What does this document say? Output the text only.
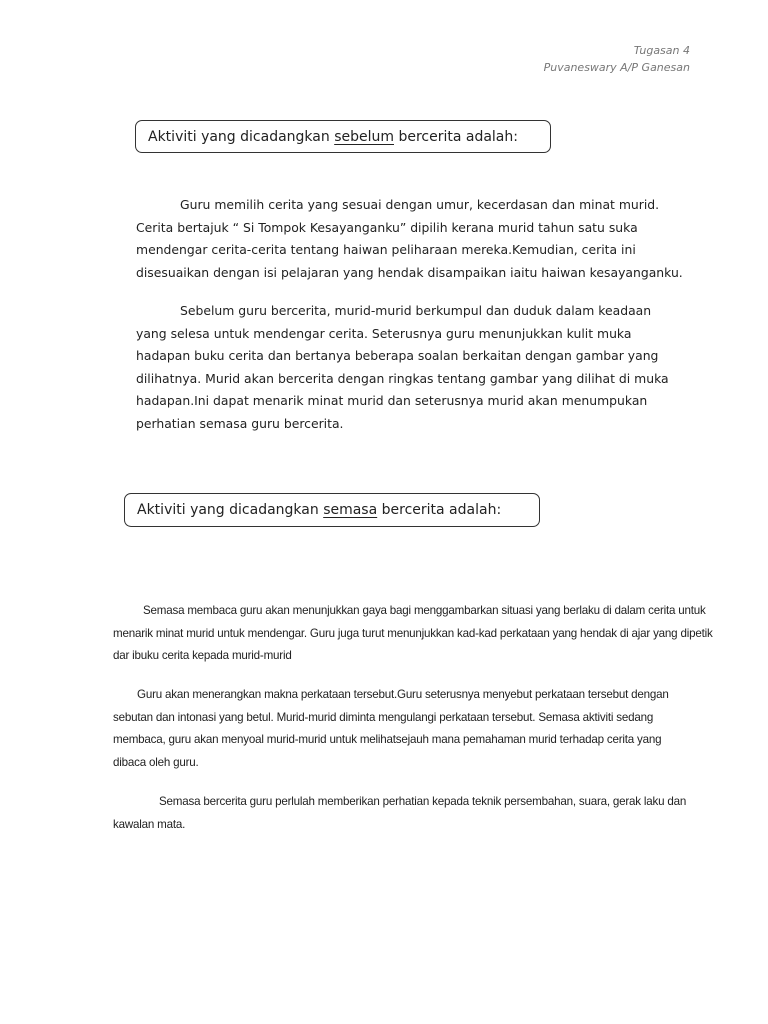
Tugasan 4
Puvaneswary A/P Ganesan
Aktiviti yang dicadangkan sebelum bercerita adalah:

Guru memilih cerita yang sesuai dengan umur, kecerdasan dan minat murid. Cerita bertajuk “ Si Tompok Kesayanganku” dipilih kerana murid tahun satu suka mendengar cerita-cerita tentang haiwan peliharaan mereka.Kemudian, cerita ini disesuaikan dengan isi pelajaran yang hendak disampaikan iaitu haiwan kesayanganku.

Sebelum guru bercerita, murid-murid berkumpul dan duduk dalam keadaan yang selesa untuk mendengar cerita. Seterusnya guru menunjukkan kulit muka hadapan buku cerita dan bertanya beberapa soalan berkaitan dengan gambar yang dilihatnya. Murid akan bercerita dengan ringkas tentang gambar yang dilihat di muka hadapan.Ini dapat menarik minat murid dan seterusnya murid akan menumpukan perhatian semasa guru bercerita.

Aktiviti yang dicadangkan semasa bercerita adalah:

Semasa membaca guru akan menunjukkan gaya bagi menggambarkan situasi yang berlaku di dalam cerita untuk menarik minat murid untuk mendengar. Guru juga turut menunjukkan kad-kad perkataan yang hendak di ajar yang dipetik dar ibuku cerita kepada murid-murid

Guru akan menerangkan makna perkataan tersebut.Guru seterusnya menyebut perkataan tersebut dengan sebutan dan intonasi yang betul. Murid-murid diminta mengulangi perkataan tersebut. Semasa aktiviti sedang membaca, guru akan menyoal murid-murid untuk melihatsejauh mana pemahaman murid terhadap cerita yang dibaca oleh guru.

Semasa bercerita guru perlulah memberikan perhatian kepada teknik persembahan, suara, gerak laku dan kawalan mata.
